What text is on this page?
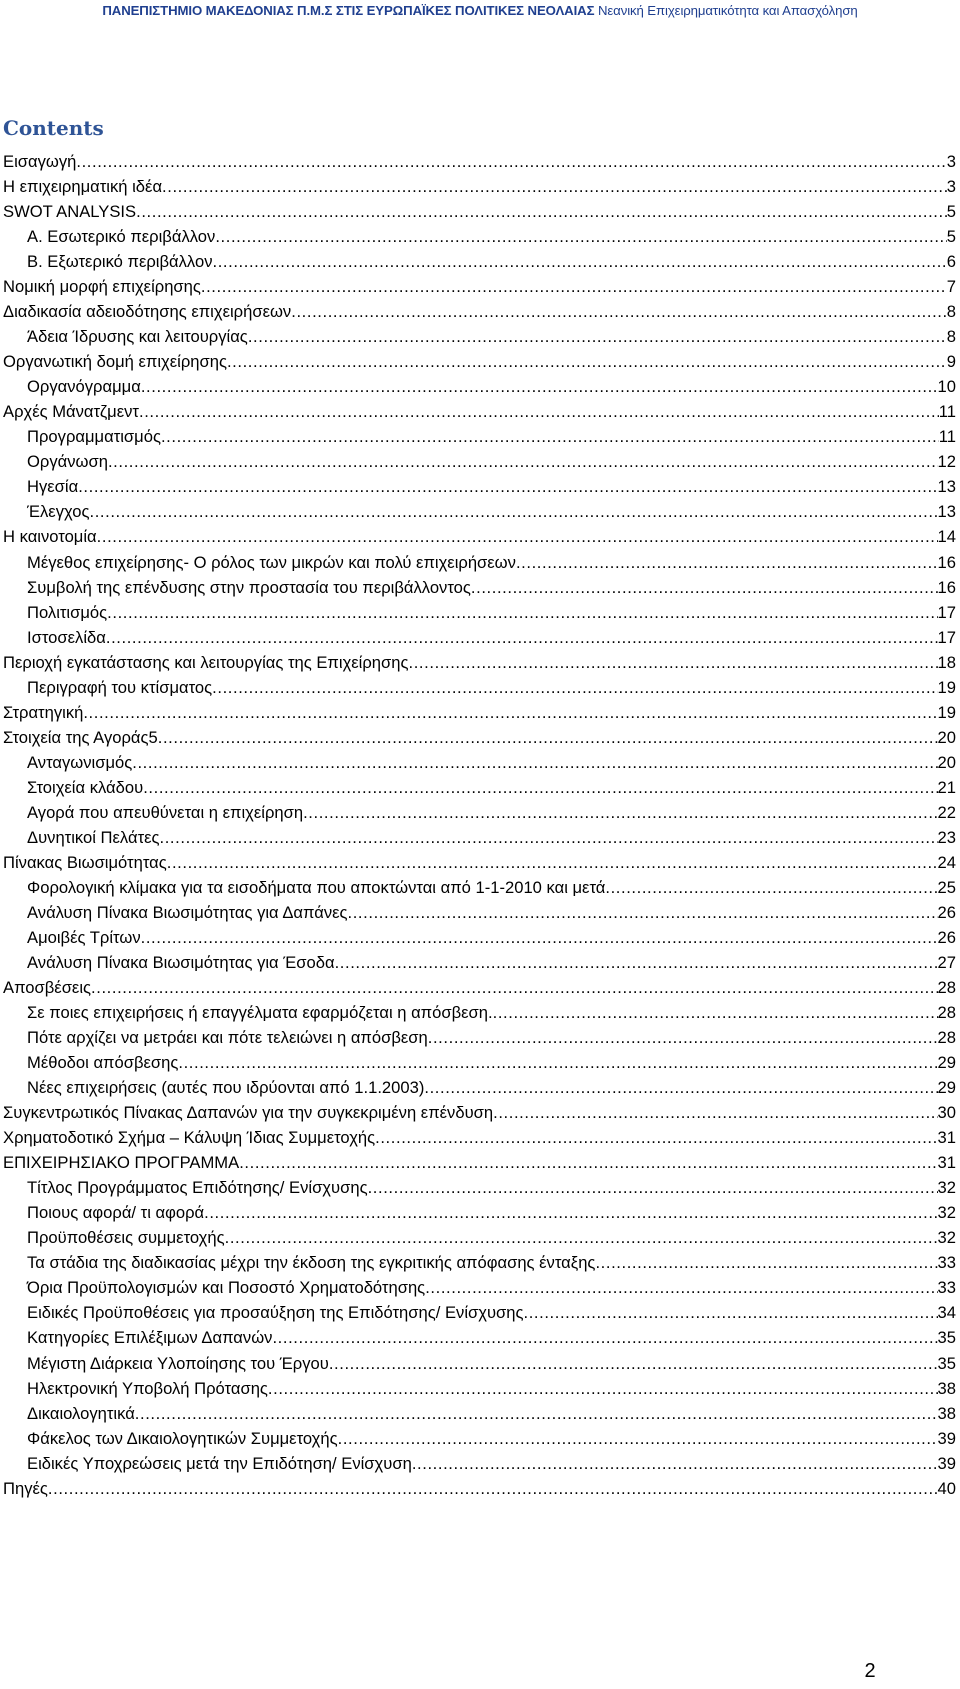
ΠΑΝΕΠΙΣΤΗΜΙΟ ΜΑΚΕΔΟΝΙΑΣ Π.Μ.Σ ΣΤΙΣ ΕΥΡΩΠΑΪΚΕΣ ΠΟΛΙΤΙΚΕΣ ΝΕΟΛΑΙΑΣ Νεανική Επιχειρηματικότητα και Απασχόληση
Contents
Εισαγωγή .....	3
Η επιχειρηματική ιδέα .....	3
SWOT ANALYSIS .....	5
Α. Εσωτερικό περιβάλλον .....	5
Β. Εξωτερικό περιβάλλον .....	6
Νομική μορφή επιχείρησης .....	7
Διαδικασία αδειοδότησης επιχειρήσεων .....	8
Άδεια Ίδρυσης και λειτουργίας .....	8
Οργανωτική δομή επιχείρησης .....	9
Οργανόγραμμα .....	10
Αρχές Μάνατζμεντ .....	11
Προγραμματισμός .....	11
Οργάνωση .....	12
Ηγεσία .....	13
Έλεγχος .....	13
Η καινοτομία .....	14
Μέγεθος επιχείρησης- Ο ρόλος των μικρών και πολύ επιχειρήσεων .....	16
Συμβολή της επένδυσης στην προστασία του περιβάλλοντος .....	16
Πολιτισμός .....	17
Ιστοσελίδα .....	17
Περιοχή εγκατάστασης και λειτουργίας της Επιχείρησης .....	18
Περιγραφή του κτίσματος .....	19
Στρατηγική .....	19
Στοιχεία της Αγοράς5 .....	20
Ανταγωνισμός .....	20
Στοιχεία κλάδου .....	21
Αγορά που απευθύνεται η επιχείρηση .....	22
Δυνητικοί Πελάτες .....	23
Πίνακας Βιωσιμότητας .....	24
Φορολογική κλίμακα για τα εισοδήματα που αποκτώνται από 1-1-2010 και μετά .....	25
Ανάλυση Πίνακα Βιωσιμότητας για Δαπάνες .....	26
Αμοιβές Τρίτων .....	26
Ανάλυση Πίνακα Βιωσιμότητας για Έσοδα .....	27
Αποσβέσεις .....	28
Σε ποιες επιχειρήσεις ή επαγγέλματα εφαρμόζεται η απόσβεση. .....	28
Πότε αρχίζει να μετράει και πότε τελειώνει η απόσβεση .....	28
Μέθοδοι απόσβεσης .....	29
Νέες επιχειρήσεις (αυτές που ιδρύονται από 1.1.2003) .....	29
Συγκεντρωτικός Πίνακας Δαπανών για την συγκεκριμένη επένδυση .....	30
Χρηματοδοτικό Σχήμα – Κάλυψη Ίδιας Συμμετοχής .....	31
ΕΠΙΧΕΙΡΗΣΙΑΚΟ ΠΡΟΓΡΑΜΜΑ .....	31
Τίτλος Προγράμματος Επιδότησης/ Ενίσχυσης .....	32
Ποιους αφορά/ τι αφορά .....	32
Προϋποθέσεις συμμετοχής .....	32
Τα στάδια της διαδικασίας μέχρι την έκδοση της εγκριτικής απόφασης ένταξης .....	33
Όρια Προϋπολογισμών και Ποσοστό Χρηματοδότησης .....	33
Ειδικές Προϋποθέσεις για προσαύξηση της Επιδότησης/ Ενίσχυσης .....	34
Κατηγορίες Επιλέξιμων Δαπανών .....	35
Μέγιστη Διάρκεια Υλοποίησης του Έργου .....	35
Ηλεκτρονική Υποβολή Πρότασης .....	38
Δικαιολογητικά .....	38
Φάκελος των Δικαιολογητικών Συμμετοχής .....	39
Ειδικές Υποχρεώσεις μετά την Επιδότηση/ Ενίσχυση .....	39
Πηγές .....	40
2
